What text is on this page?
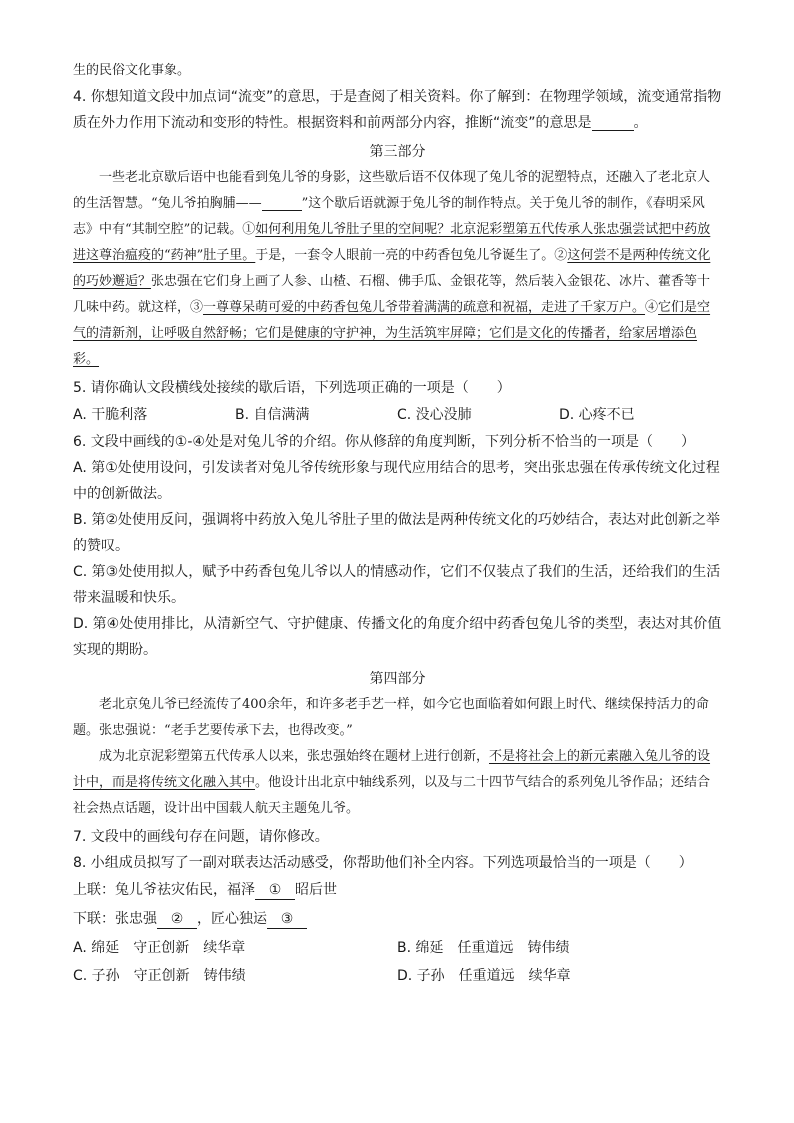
生的民俗文化事象。

4. 你想知道文段中加点词“流变”的意思，于是查阅了相关资料。你了解到：在物理学领域，流变通常指物质在外力作用下流动和变形的特性。根据资料和前两部分内容，推断“流变”的意思是	。

第三部分

一些老北京歇后语中也能看到兔儿爷的身影，这些歇后语不仅体现了兔儿爷的泥塑特点，还融入了老北京人的生活智慧。“兔儿爷拍胸脯——	”这个歇后语就源于兔儿爷的制作特点。关于兔儿爷的制作，《春明采风志》中有“其制空腔”的记载。①如何利用兔儿爷肚子里的空间呢？北京泥彩塑第五代传承人张忠强尝试把中药放进这尊治瘟疫的“药神”肚子里。于是，一套令人眼前一亮的中药香包兔儿爷诞生了。②这何尝不是两种传统文化的巧妙邂逅？张忠强在它们身上画了人参、山楂、石榴、佛手瓜、金银花等，然后装入金银花、冰片、藿香等十几味中药。就这样，③一尊尊呆萌可爱的中药香包兔儿爷带着满满的疏意和祝福，走进了千家万户。④它们是空气的清新剂，让呼吸自然舒畅；它们是健康的守护神，为生活筑牢屏障；它们是文化的传播者，给家居增添色彩。

5. 请你确认文段横线处接续的歇后语，下列选项正确的一项是（　　）

A. 干脆利落	B. 自信满满	C. 没心没肺	D. 心疼不已

6. 文段中画线的①-④处是对兔儿爷的介绍。你从修辞的角度判断，下列分析不恰当的一项是（　　）

A. 第①处使用设问，引发读者对兔儿爷传统形象与现代应用结合的思考，突出张忠强在传承传统文化过程中的创新做法。

B. 第②处使用反问，强调将中药放入兔儿爷肚子里的做法是两种传统文化的巧妙结合，表达对此创新之举的赞叹。

C. 第③处使用拟人，赋予中药香包兔儿爷以人的情感动作，它们不仅装点了我们的生活，还给我们的生活带来温暖和快乐。

D. 第④处使用排比，从清新空气、守护健康、传播文化的角度介绍中药香包兔儿爷的类型，表达对其价值实现的期盼。

第四部分

老北京兔儿爷已经流传了400余年，和许多老手艺一样，如今它也面临着如何跟上时代、继续保持活力的命题。张忠强说：“老手艺要传承下去，也得改变。”

成为北京泥彩塑第五代传承人以来，张忠强始终在题材上进行创新，不是将社会上的新元素融入兔儿爷的设计中，而是将传统文化融入其中。他设计出北京中轴线系列，以及与二十四节气结合的系列兔儿爷作品；还结合社会热点话题，设计出中国载人航天主题兔儿爷。

7. 文段中的画线句存在问题，请你修改。

8. 小组成员拟写了一副对联表达活动感受，你帮助他们补全内容。下列选项最恰当的一项是（　　）

上联：兔儿爷祛灾佑民，福泽 ① 昭后世

下联：张忠强 ② ，匠心独运 ③

A. 绵延　守正创新　续华章	B. 绵延　任重道远　铸伟绩
C. 子孙　守正创新　铸伟绩	D. 子孙　任重道远　续华章
